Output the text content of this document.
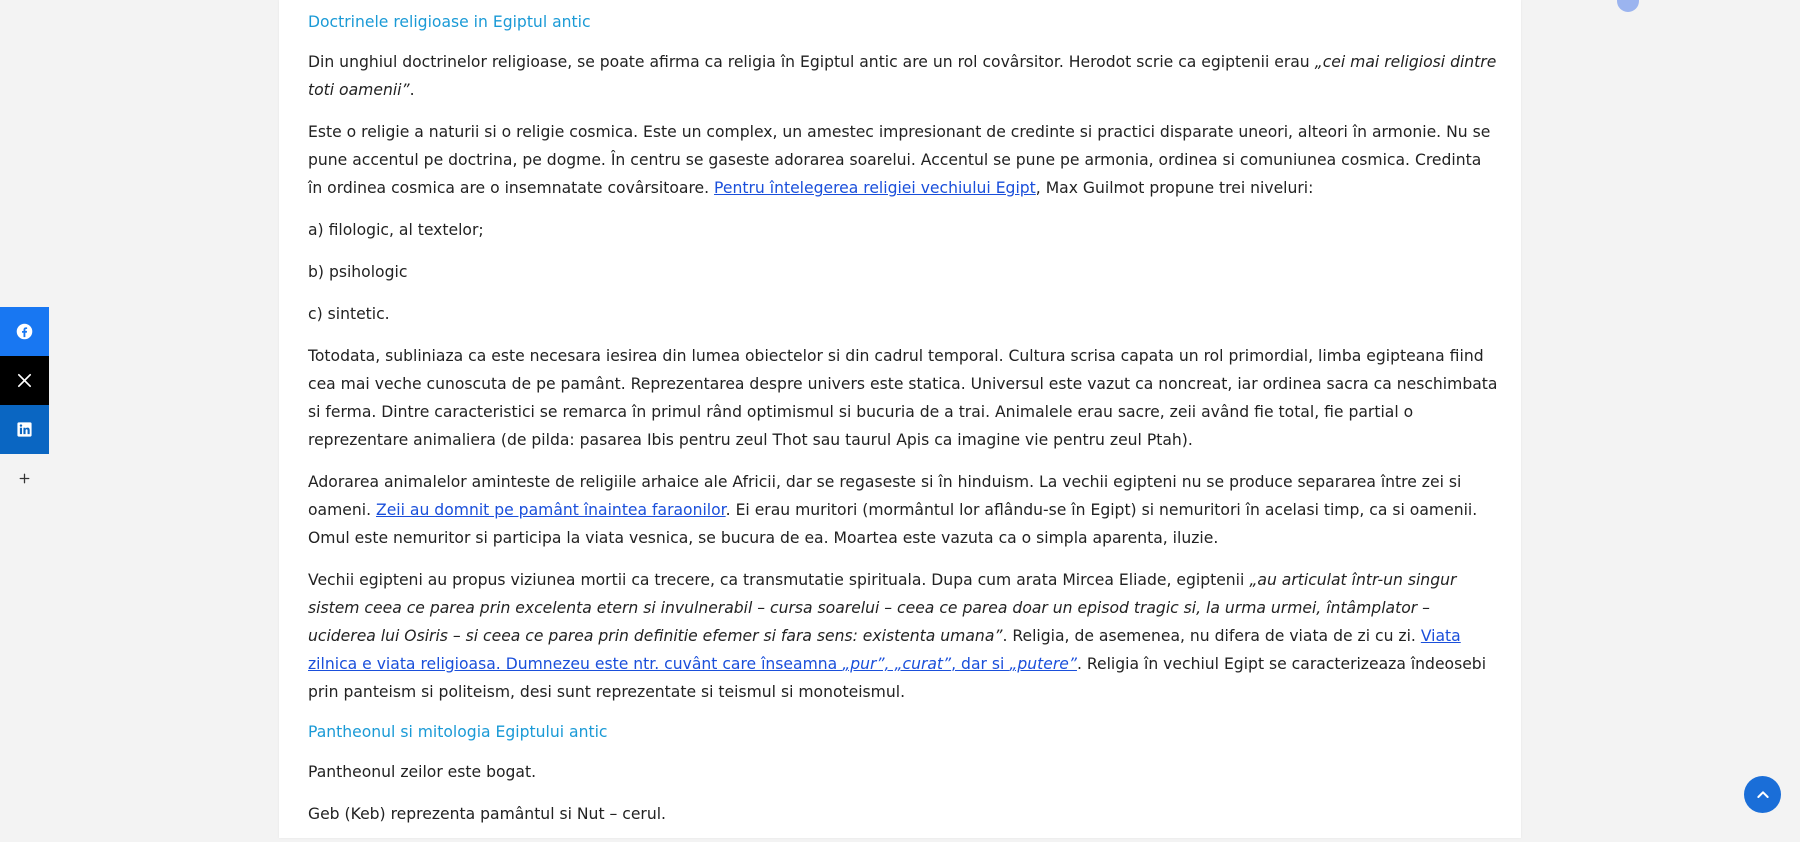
Doctrinele religioase in Egiptul antic

Din unghiul doctrinelor religioase, se poate afirma ca religia în Egiptul antic are un rol covârsitor. Herodot scrie ca egiptenii erau „cei mai religiosi dintre toti oamenii”.

Este o religie a naturii si o religie cosmica. Este un complex, un amestec impresionant de credinte si practici disparate uneori, alteori în armonie. Nu se pune accentul pe doctrina, pe dogme. În centru se gaseste adorarea soarelui. Accentul se pune pe armonia, ordinea si comuniunea cosmica. Credinta în ordinea cosmica are o insemnatate covârsitoare. Pentru întelegerea religiei vechiului Egipt, Max Guilmot propune trei niveluri:

a) filologic, al textelor;

b) psihologic

c) sintetic.

Totodata, subliniaza ca este necesara iesirea din lumea obiectelor si din cadrul temporal. Cultura scrisa capata un rol primordial, limba egipteana fiind cea mai veche cunoscuta de pe pamânt. Reprezentarea despre univers este statica. Universul este vazut ca noncreat, iar ordinea sacra ca neschimbata si ferma. Dintre caracteristici se remarca în primul rând optimismul si bucuria de a trai. Animalele erau sacre, zeii având fie total, fie partial o reprezentare animaliera (de pilda: pasarea Ibis pentru zeul Thot sau taurul Apis ca imagine vie pentru zeul Ptah).

Adorarea animalelor aminteste de religiile arhaice ale Africii, dar se regaseste si în hinduism. La vechii egipteni nu se produce separarea între zei si oameni. Zeii au domnit pe pamânt înaintea faraonilor. Ei erau muritori (mormântul lor aflându-se în Egipt) si nemuritori în acelasi timp, ca si oamenii. Omul este nemuritor si participa la viata vesnica, se bucura de ea. Moartea este vazuta ca o simpla aparenta, iluzie.

Vechii egipteni au propus viziunea mortii ca trecere, ca transmutatie spirituala. Dupa cum arata Mircea Eliade, egiptenii „au articulat într-un singur sistem ceea ce parea prin excelenta etern si invulnerabil – cursa soarelui – ceea ce parea doar un episod tragic si, la urma urmei, întâmplator – uciderea lui Osiris – si ceea ce parea prin definitie efemer si fara sens: existenta umana”. Religia, de asemenea, nu difera de viata de zi cu zi. Viata zilnica e viata religioasa. Dumnezeu este ntr. cuvânt care înseamna „pur”, „curat”, dar si „putere”. Religia în vechiul Egipt se caracterizeaza îndeosebi prin panteism si politeism, desi sunt reprezentate si teismul si monoteismul.

Pantheonul si mitologia Egiptului antic

Pantheonul zeilor este bogat.

Geb (Keb) reprezenta pamântul si Nut – cerul.
